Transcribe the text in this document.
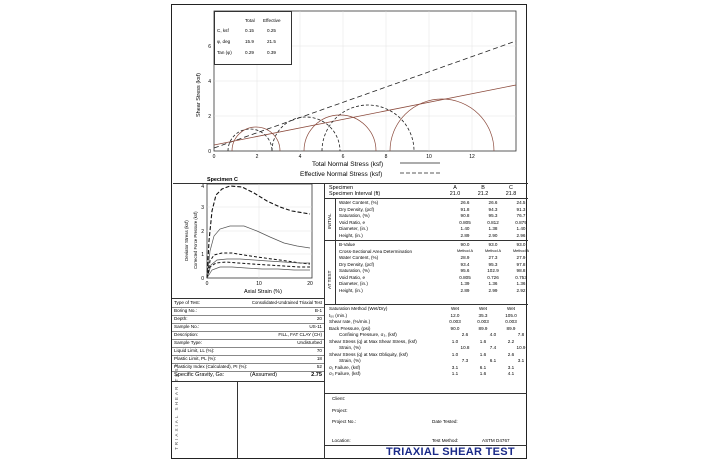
TRIAXIAL SHEAR TEST
0	2	4	6	8	10	12
0
2
4
6
Shear Stress (ksf)
Total Normal Stress (ksf)
Effective Normal Stress (ksf)
Total Effective
C, ksf	0.15	0.25
φ, deg	15.9	21.5
Tan (φ)	0.29	0.39
Specimen C
0	10	20
0
1
2
3
4
Axial Strain (%)
Deviator Stress (ksf) Corrected Force Pressure (ksf)
Specimen	A	B	C
Specimen Interval (ft)	21.0	21.2	21.8
INITIAL
Water Content, (%)	26.6	26.6	24.5
Dry Density, (pcf)	91.8	94.3	91.3
Saturation, (%)	90.8	95.3	76.7
Void Ratio, e	0.805	0.812	0.879
Diameter, (in.)	1.40	1.38	1.40
Height, (in.)	2.89	2.90	2.96
B-Value	90.0	93.0	93.0
Cross-Sectional Area Determination	Method A	Method A	Method A
AT TEST
Water Content, (%)	28.9	27.3	27.9
Dry Density, (pcf)	93.4	95.3	97.8
Saturation, (%)	95.6	102.9	98.8
Void Ratio, e	0.805	0.726	0.753
Diameter, (in.)	1.39	1.36	1.36
Height, (in.)	2.89	2.99	2.92
Saturation Method (Wet/Dry)	Wet	Wet	Wet
t₅₀ (min.)	12.0	35.3	105.0
Shear rate, (%/min.)	0.003	0.003	0.003
Back Pressure, (psi)	90.0	89.9	89.9
Confining Pressure, σ₃, (ksf)	2.6	4.0	7.8
Shear Stress (q) at Max Shear Stress, (ksf)	1.0	1.6	2.2
Strain, (%)	10.8	7.4	10.9
Shear Stress (q) at Max Obliquity, (ksf)	1.0	1.6	2.6
Strain, (%)	7.3	6.1	3.1
σ₁ Failure, (ksf)	3.1	6.1	3.1
σ₃ Failure, (ksf)	1.1	1.6	4.1
Type of Test:	Consolidated-Undrained Triaxial Test
Boring No.:	B-1
Depth:	20
Sample No.:	US-11
Description:	FILL, FAT CLAY (CH)
Sample Type:	Undisturbed
Liquid Limit, LL (%):	70
Plastic Limit, PL (%):	18
Plasticity Index (Calculated), PI (%):	52
Specific Gravity, Gs:	(Assumed)	2.75
Client:
Project:
Project No.:	Date Tested:
Location:	Test Method:	ASTM D4767
TRIAXIAL SHEAR TEST
